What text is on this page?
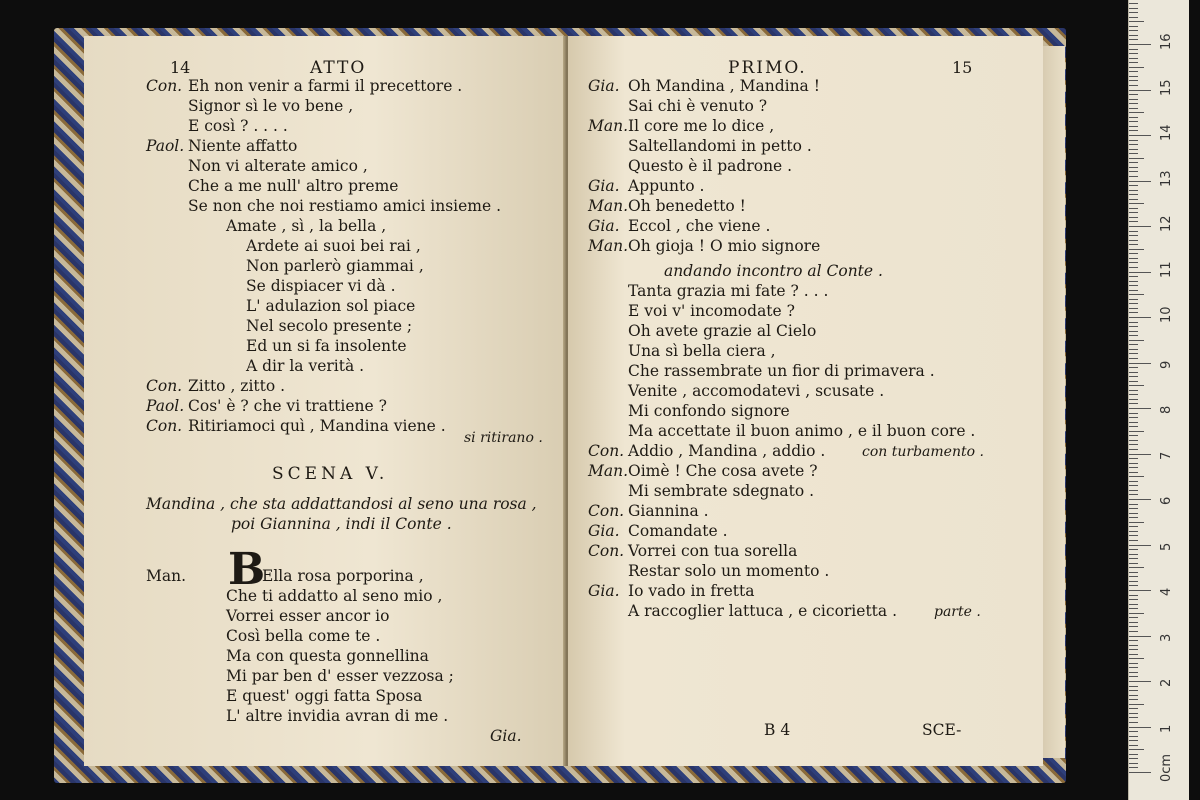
14	ATTO
Con. Eh non venir a farmi il precettore .
Signor sì le vo bene ,
E così ? . . . .
Paol. Niente affatto
Non vi alterate amico ,
Che a me null' altro preme
Se non che noi restiamo amici insieme .
Amate , sì , la bella ,
Ardete ai suoi bei rai ,
Non parlerò giammai ,
Se dispiacer vi dà .
L' adulazion sol piace
Nel secolo presente ;
Ed un si fa insolente
A dir la verità .
Con. Zitto , zitto .
Paol. Cos' è ? che vi trattiene ?
Con. Ritiriamoci quì , Mandina viene .
si ritirano .
SCENA V.
Mandina , che sta addattandosi al seno una rosa ,
poi Giannina , indi il Conte .
Man. B
Ella rosa porporina ,
Che ti addatto al seno mio ,
Vorrei esser ancor io
Così bella come te .
Ma con questa gonnellina
Mi par ben d' esser vezzosa ;
E quest' oggi fatta Sposa
L' altre invidia avran di me .
Gia.
PRIMO.	15
Gia. Oh Mandina , Mandina !
Sai chi è venuto ?
Man. Il core me lo dice ,
Saltellandomi in petto .
Questo è il padrone .
Gia. Appunto .
Man. Oh benedetto !
Gia. Eccol , che viene .
Man. Oh gioja ! O mio signore
andando incontro al Conte .
Tanta grazia mi fate ? . . .
E voi v' incomodate ?
Oh avete grazie al Cielo
Una sì bella ciera ,
Che rassembrate un fior di primavera .
Venite , accomodatevi , scusate .
Mi confondo signore
Ma accettate il buon animo , e il buon core .
Con. Addio , Mandina , addio .
Man. Oimè ! Che cosa avete ?
Mi sembrate sdegnato .
Con. Giannina .
Gia. Comandate .
Con. Vorrei con tua sorella
Restar solo un momento .
Gia. Io vado in fretta
A raccoglier lattuca , e cicorietta .
con turbamento .
parte .
B 4	SCE-
0cm
1
2
3
4
5
6
7
8
9
10
11
12
13
14
15
16
